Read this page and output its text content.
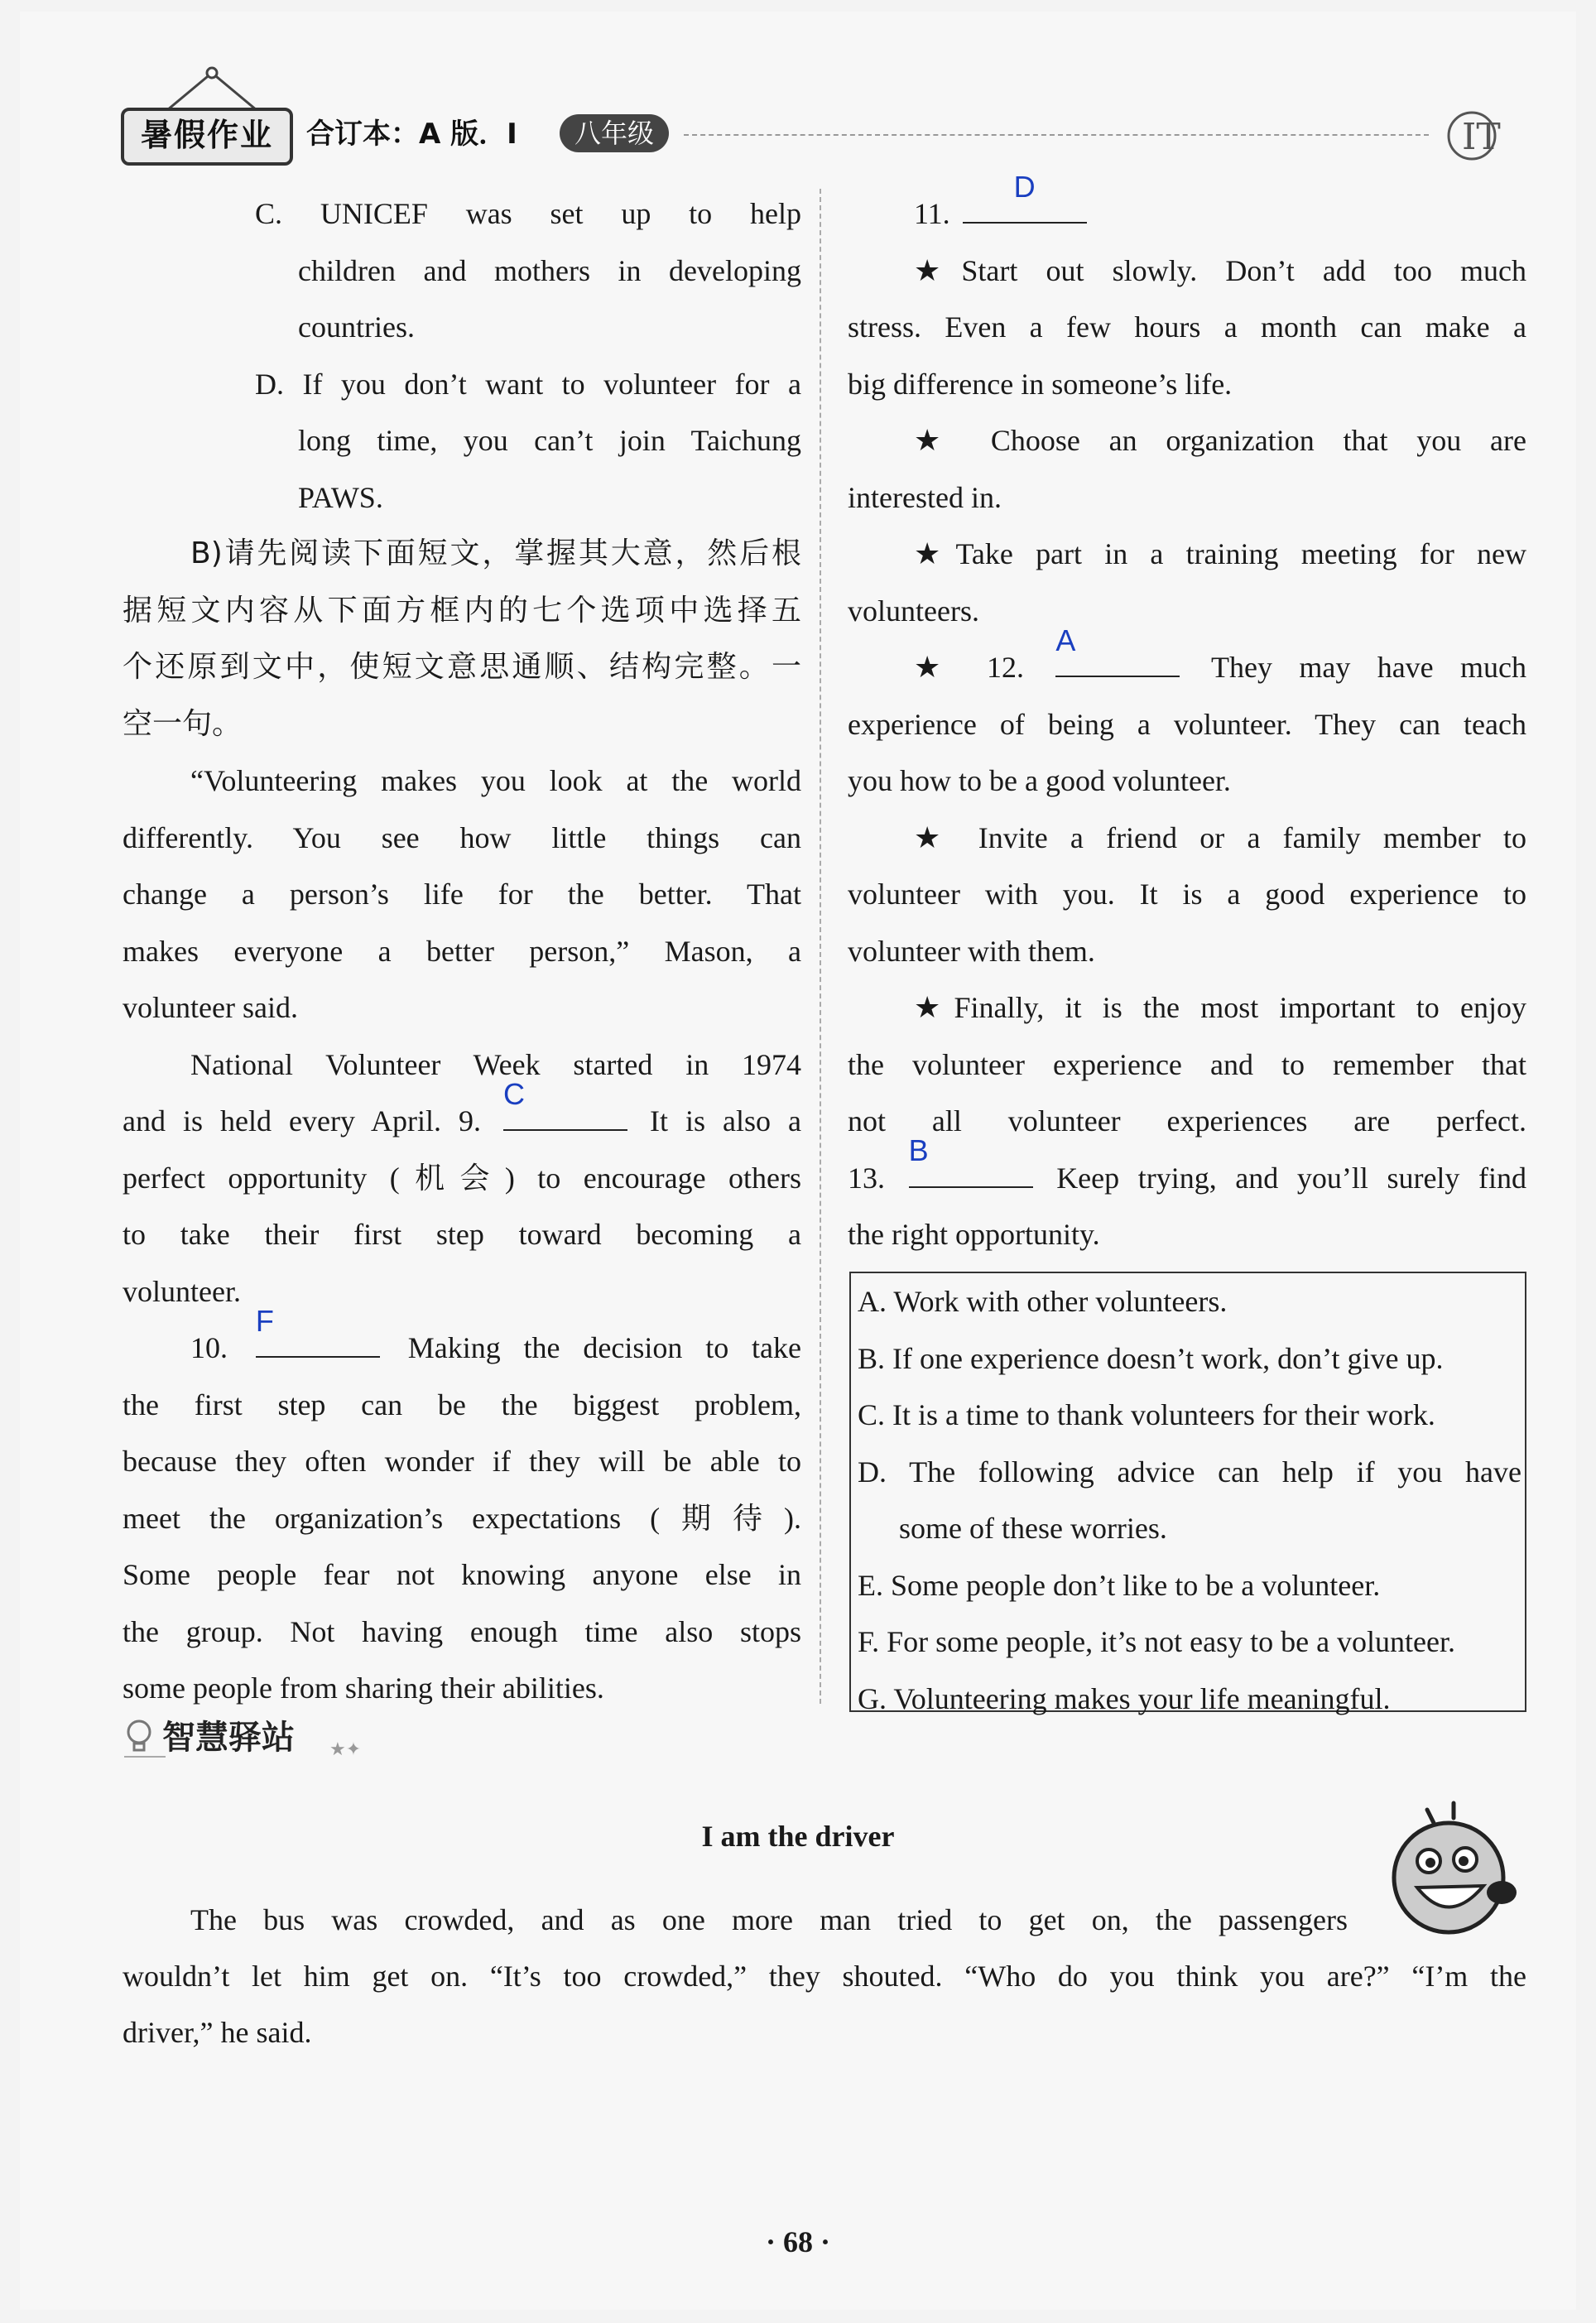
暑假作业	合订本：A 版．I	八年级	IT

C. UNICEF was set up to help

children and mothers in developing

countries.

D. If you don’t want to volunteer for a

long time, you can’t join Taichung

PAWS.

B)请先阅读下面短文，掌握其大意，然后根

据短文内容从下面方框内的七个选项中选择五

个还原到文中，使短文意思通顺、结构完整。一

空一句。

“Volunteering makes you look at the world

differently. You see how little things can

change a person’s life for the better. That

makes everyone a better person,” Mason, a

volunteer said.

National Volunteer Week started in 1974

and is held every April. 9.
C
It is also a

perfect opportunity (机会) to encourage others

to take their first step toward becoming a

volunteer.

10.
F
Making the decision to take

the first step can be the biggest problem,

because they often wonder if they will be able to

meet the organization’s expectations (期待).

Some people fear not knowing anyone else in

the group. Not having enough time also stops

some people from sharing their abilities.

11.
D

★Start out slowly. Don’t add too much

stress. Even a few hours a month can make a

big difference in someone’s life.

★ Choose an organization that you are

interested in.

★Take part in a training meeting for new

volunteers.

★ 12.
A
They may have much

experience of being a volunteer. They can teach

you how to be a good volunteer.

★ Invite a friend or a family member to

volunteer with you. It is a good experience to

volunteer with them.

★Finally, it is the most important to enjoy

the volunteer experience and to remember that

not all volunteer experiences are perfect.

13.
B
Keep trying, and you’ll surely find

the right opportunity.

A. Work with other volunteers.

B. If one experience doesn’t work, don’t give up.

C. It is a time to thank volunteers for their work.

D. The following advice can help if you have

some of these worries.

E. Some people don’t like to be a volunteer.

F. For some people, it’s not easy to be a volunteer.

G. Volunteering makes your life meaningful.

智慧驿站 ★✦
I am the driver

The bus was crowded, and as one more man tried to get on, the passengers

wouldn’t let him get on. “It’s too crowded,” they shouted. “Who do you think you are?” “I’m the

driver,” he said.

· 68 ·
